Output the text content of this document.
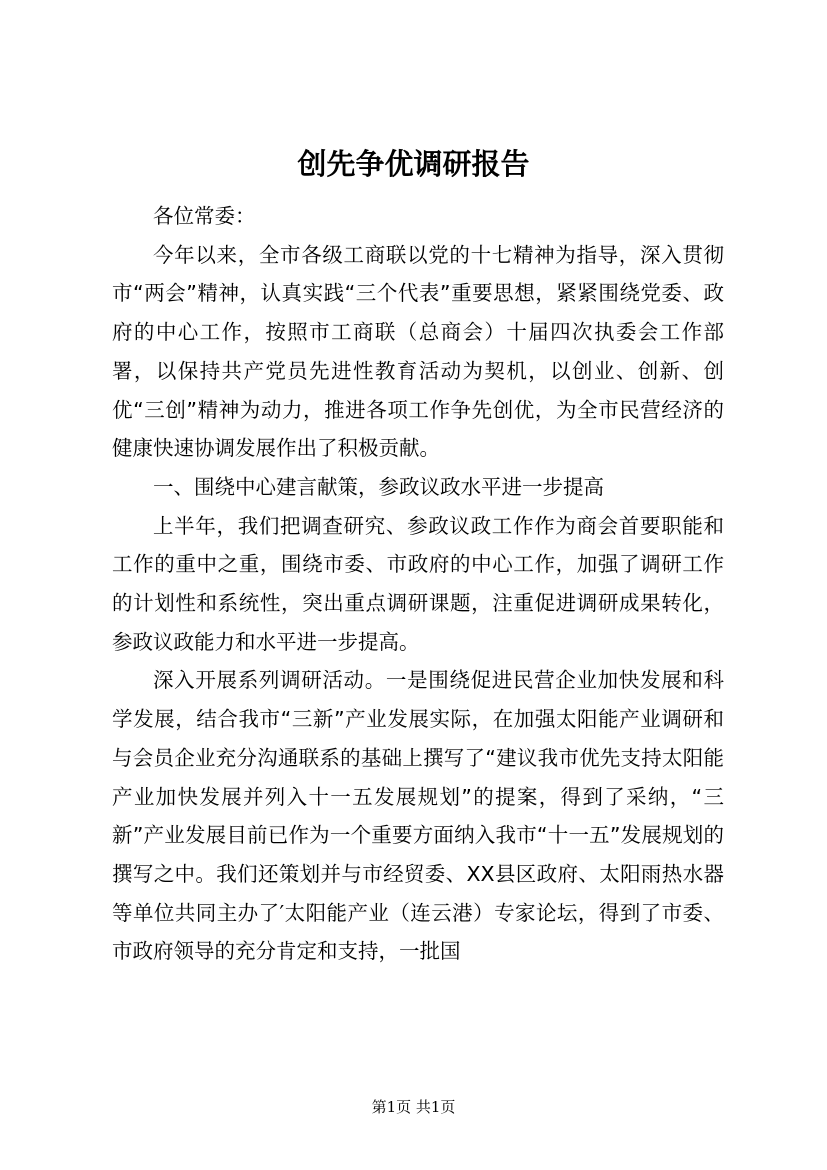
创先争优调研报告

各位常委：

今年以来，全市各级工商联以党的十七精神为指导，深入贯彻市“两会”精神，认真实践“三个代表”重要思想，紧紧围绕党委、政府的中心工作，按照市工商联（总商会）十届四次执委会工作部署，以保持共产党员先进性教育活动为契机，以创业、创新、创优“三创”精神为动力，推进各项工作争先创优，为全市民营经济的健康快速协调发展作出了积极贡献。

一、围绕中心建言献策，参政议政水平进一步提高

上半年，我们把调查研究、参政议政工作作为商会首要职能和工作的重中之重，围绕市委、市政府的中心工作，加强了调研工作的计划性和系统性，突出重点调研课题，注重促进调研成果转化，参政议政能力和水平进一步提高。

深入开展系列调研活动。一是围绕促进民营企业加快发展和科学发展，结合我市“三新”产业发展实际，在加强太阳能产业调研和与会员企业充分沟通联系的基础上撰写了“建议我市优先支持太阳能产业加快发展并列入十一五发展规划”的提案，得到了采纳，“三新”产业发展目前已作为一个重要方面纳入我市“十一五”发展规划的撰写之中。我们还策划并与市经贸委、XX县区政府、太阳雨热水器等单位共同主办了′太阳能产业（连云港）专家论坛，得到了市委、市政府领导的充分肯定和支持，一批国

第1页 共1页
